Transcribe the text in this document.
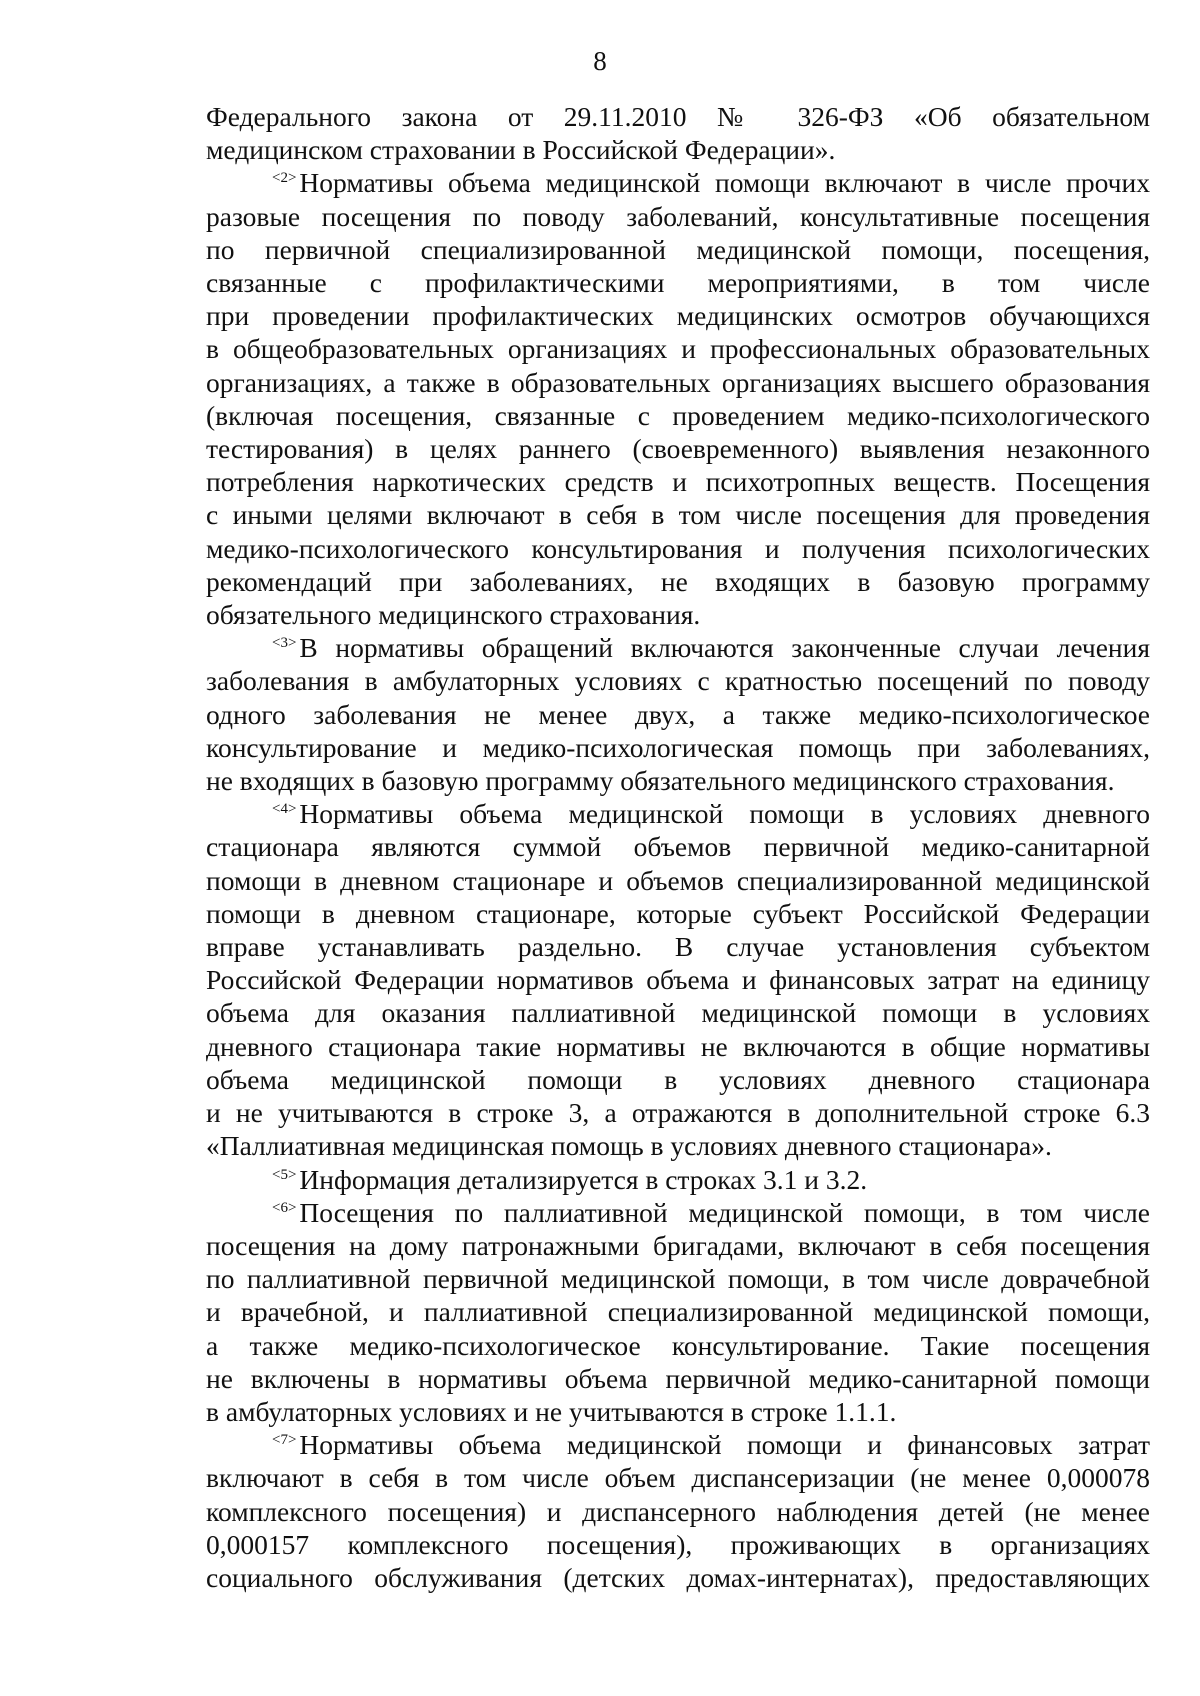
8
Федерального закона от 29.11.2010 № 326-ФЗ «Об обязательном
медицинском страховании в Российской Федерации».
$^{<2>}$ Нормативы объема медицинской помощи включают в числе прочих
разовые посещения по поводу заболеваний, консультативные посещения
по первичной специализированной медицинской помощи, посещения,
связанные с профилактическими мероприятиями, в том числе
при проведении профилактических медицинских осмотров обучающихся
в общеобразовательных организациях и профессиональных образовательных
организациях, а также в образовательных организациях высшего образования
(включая посещения, связанные с проведением медико-психологического
тестирования) в целях раннего (своевременного) выявления незаконного
потребления наркотических средств и психотропных веществ. Посещения
с иными целями включают в себя в том числе посещения для проведения
медико-психологического консультирования и получения психологических
рекомендаций при заболеваниях, не входящих в базовую программу
обязательного медицинского страхования.
$^{<3>}$ В нормативы обращений включаются законченные случаи лечения
заболевания в амбулаторных условиях с кратностью посещений по поводу
одного заболевания не менее двух, а также медико-психологическое
консультирование и медико-психологическая помощь при заболеваниях,
не входящих в базовую программу обязательного медицинского страхования.
$^{<4>}$ Нормативы объема медицинской помощи в условиях дневного
стационара являются суммой объемов первичной медико-санитарной
помощи в дневном стационаре и объемов специализированной медицинской
помощи в дневном стационаре, которые субъект Российской Федерации
вправе устанавливать раздельно. В случае установления субъектом
Российской Федерации нормативов объема и финансовых затрат на единицу
объема для оказания паллиативной медицинской помощи в условиях
дневного стационара такие нормативы не включаются в общие нормативы
объема медицинской помощи в условиях дневного стационара
и не учитываются в строке 3, а отражаются в дополнительной строке 6.3
«Паллиативная медицинская помощь в условиях дневного стационара».
$^{<5>}$ Информация детализируется в строках 3.1 и 3.2.
$^{<6>}$ Посещения по паллиативной медицинской помощи, в том числе
посещения на дому патронажными бригадами, включают в себя посещения
по паллиативной первичной медицинской помощи, в том числе доврачебной
и врачебной, и паллиативной специализированной медицинской помощи,
а также медико-психологическое консультирование. Такие посещения
не включены в нормативы объема первичной медико-санитарной помощи
в амбулаторных условиях и не учитываются в строке 1.1.1.
$^{<7>}$ Нормативы объема медицинской помощи и финансовых затрат
включают в себя в том числе объем диспансеризации (не менее 0,000078
комплексного посещения) и диспансерного наблюдения детей (не менее
0,000157 комплексного посещения), проживающих в организациях
социального обслуживания (детских домах-интернатах), предоставляющих
